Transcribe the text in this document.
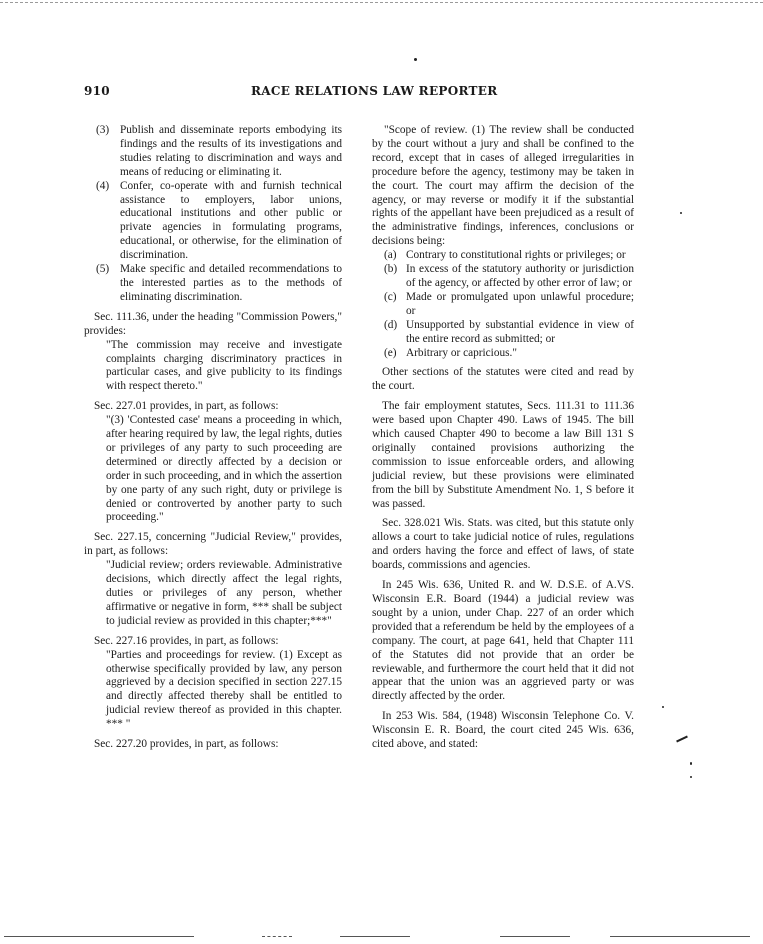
910	RACE RELATIONS LAW REPORTER
(3) Publish and disseminate reports embodying its findings and the results of its investigations and studies relating to discrimination and ways and means of reducing or eliminating it.
(4) Confer, co-operate with and furnish technical assistance to employers, labor unions, educational institutions and other public or private agencies in formulating programs, educational, or otherwise, for the elimination of discrimination.
(5) Make specific and detailed recommendations to the interested parties as to the methods of eliminating discrimination.

Sec. 111.36, under the heading "Commission Powers," provides:

"The commission may receive and investigate complaints charging discriminatory practices in particular cases, and give publicity to its findings with respect thereto."

Sec. 227.01 provides, in part, as follows:

"(3) 'Contested case' means a proceeding in which, after hearing required by law, the legal rights, duties or privileges of any party to such proceeding are determined or directly affected by a decision or order in such proceeding, and in which the assertion by one party of any such right, duty or privilege is denied or controverted by another party to such proceeding."

Sec. 227.15, concerning "Judicial Review," provides, in part, as follows:

"Judicial review; orders reviewable. Administrative decisions, which directly affect the legal rights, duties or privileges of any person, whether affirmative or negative in form, *** shall be subject to judicial review as provided in this chapter;***"

Sec. 227.16 provides, in part, as follows:

"Parties and proceedings for review. (1) Except as otherwise specifically provided by law, any person aggrieved by a decision specified in section 227.15 and directly affected thereby shall be entitled to judicial review thereof as provided in this chapter. *** "

Sec. 227.20 provides, in part, as follows:

"Scope of review. (1) The review shall be conducted by the court without a jury and shall be confined to the record, except that in cases of alleged irregularities in procedure before the agency, testimony may be taken in the court. The court may affirm the decision of the agency, or may reverse or modify it if the substantial rights of the appellant have been prejudiced as a result of the administrative findings, inferences, conclusions or decisions being:

(a) Contrary to constitutional rights or privileges; or
(b) In excess of the statutory authority or jurisdiction of the agency, or affected by other error of law; or
(c) Made or promulgated upon unlawful procedure; or
(d) Unsupported by substantial evidence in view of the entire record as submitted; or
(e) Arbitrary or capricious."

Other sections of the statutes were cited and read by the court.

The fair employment statutes, Secs. 111.31 to 111.36 were based upon Chapter 490. Laws of 1945. The bill which caused Chapter 490 to become a law Bill 131 S originally contained provisions authorizing the commission to issue enforceable orders, and allowing judicial review, but these provisions were eliminated from the bill by Substitute Amendment No. 1, S before it was passed.

Sec. 328.021 Wis. Stats. was cited, but this statute only allows a court to take judicial notice of rules, regulations and orders having the force and effect of laws, of state boards, commissions and agencies.

In 245 Wis. 636, United R. and W. D.S.E. of A.VS. Wisconsin E.R. Board (1944) a judicial review was sought by a union, under Chap. 227 of an order which provided that a referendum be held by the employees of a company. The court, at page 641, held that Chapter 111 of the Statutes did not provide that an order be reviewable, and furthermore the court held that it did not appear that the union was an aggrieved party or was directly affected by the order.

In 253 Wis. 584, (1948) Wisconsin Telephone Co. V. Wisconsin E. R. Board, the court cited 245 Wis. 636, cited above, and stated:
